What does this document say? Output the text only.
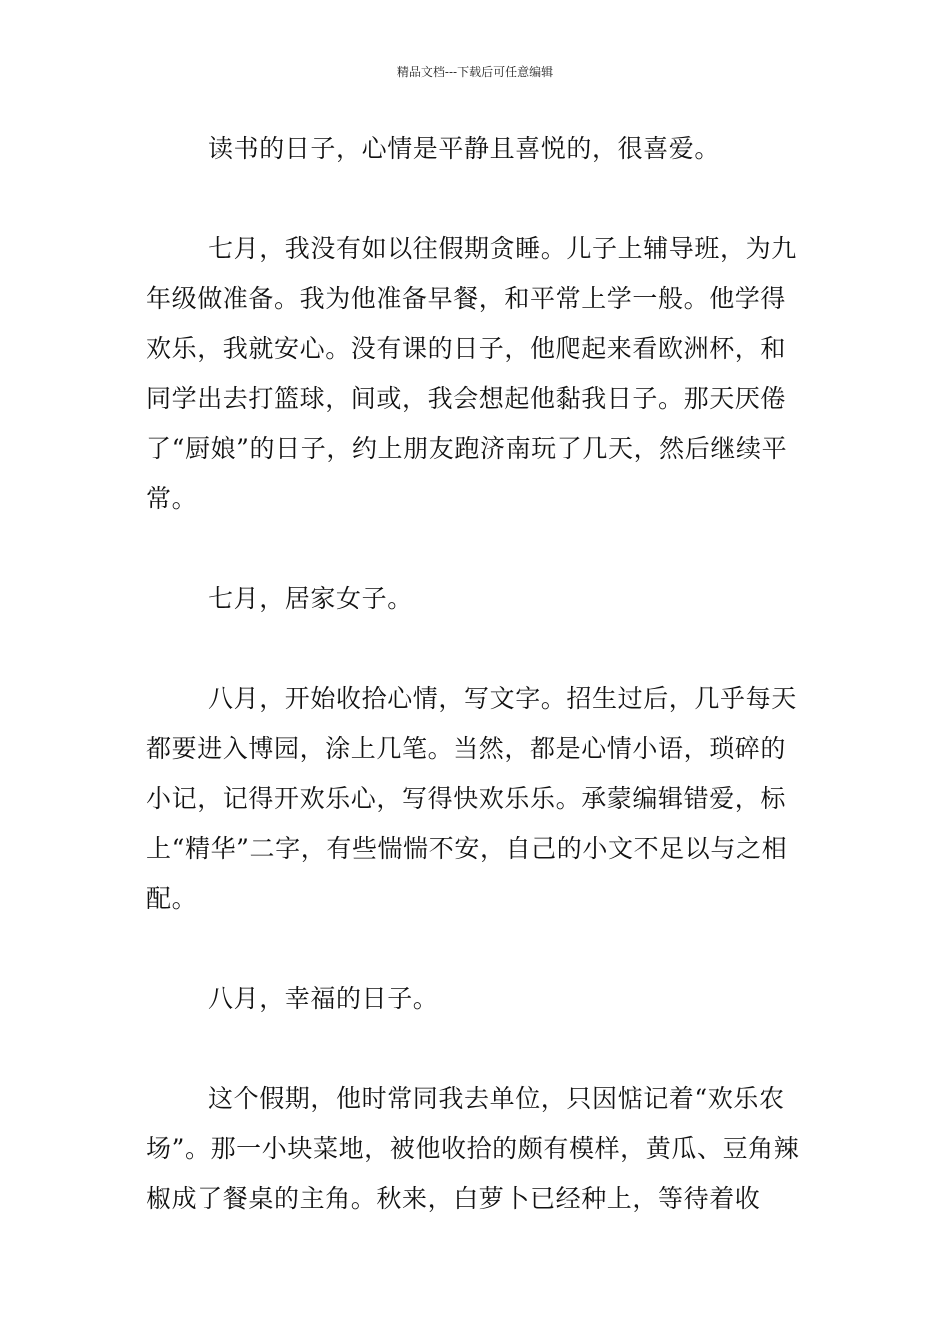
精品文档---下载后可任意编辑

读书的日子，心情是平静且喜悦的，很喜爱。

七月，我没有如以往假期贪睡。儿子上辅导班，为九年级做准备。我为他准备早餐，和平常上学一般。他学得欢乐，我就安心。没有课的日子，他爬起来看欧洲杯，和同学出去打篮球，间或，我会想起他黏我日子。那天厌倦了“厨娘”的日子，约上朋友跑济南玩了几天，然后继续平常。

七月，居家女子。

八月，开始收拾心情，写文字。招生过后，几乎每天都要进入博园，涂上几笔。当然，都是心情小语，琐碎的小记，记得开欢乐心，写得快欢乐乐。承蒙编辑错爱，标上“精华”二字，有些惴惴不安，自己的小文不足以与之相配。

八月，幸福的日子。

这个假期，他时常同我去单位，只因惦记着“欢乐农场”。那一小块菜地，被他收拾的颇有模样，黄瓜、豆角辣椒成了餐桌的主角。秋来，白萝卜已经种上，等待着收
